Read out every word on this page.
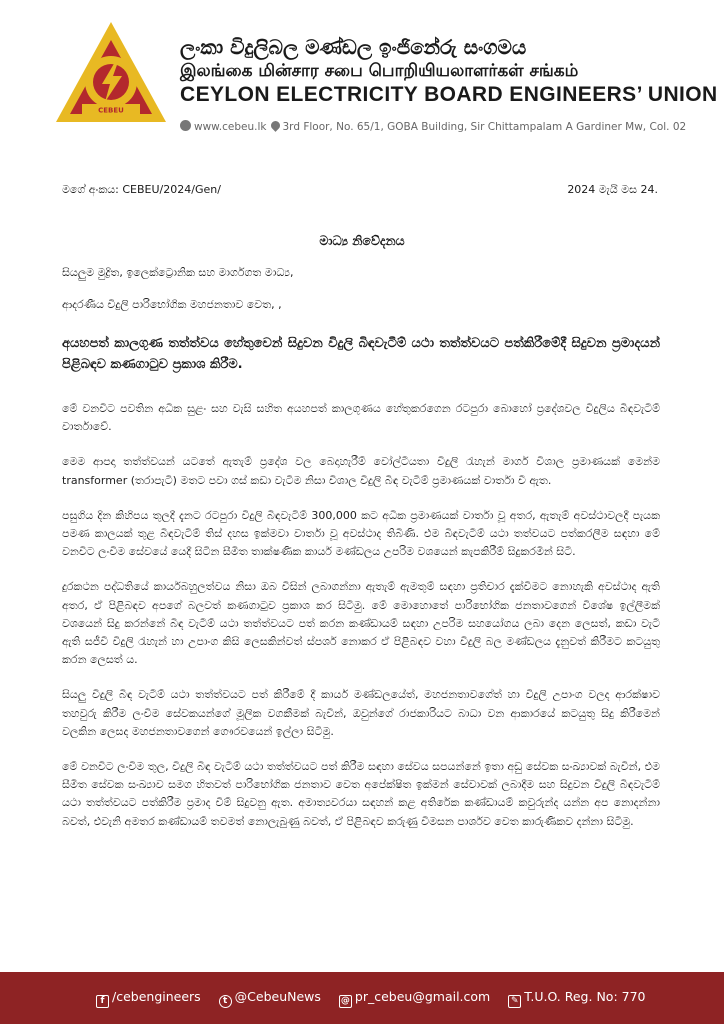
CEBEU
ලංකා විදුලිබල මණ්ඩල ඉංජිනේරු සංගමය
இலங்கை மின்சார சபை பொறியியலாளர்கள் சங்கம்
CEYLON ELECTRICITY BOARD ENGINEERS’ UNION
www.cebeu.lk 3rd Floor, No. 65/1, GOBA Building, Sir Chittampalam A Gardiner Mw, Col. 02
මගේ අංකය: CEBEU/2024/Gen/	2024 මැයි මස 24.
මාධ්‍ය නිවේදනය
සියලුම මුද්‍රිත, ඉලෙක්ට්‍රොනික සහ මාර්ගගත මාධ්‍ය,
ආදරණීය විදුලි පාරිභෝගික මහජනතාව වෙත, ,
අයහපත් කාලගුණ තත්ත්වය හේතුවෙන් සිදුවන විදුලි බිඳවැටීම් යථා තත්ත්වයට පත්කිරීමේදී සිදුවන ප්‍රමාදයන් පිළිබඳව කණගාටුව ප්‍රකාශ කිරීම.

මේ වනවිට පවතින අධික සුළං සහ වැසි සහිත අයහපත් කාලගුණය හේතුකරගෙන රටපුරා බොහෝ ප්‍රදේශවල විදුලිය බිඳවැටීම් වාර්තාවේ.

මෙම ආපදා තත්ත්වයන් යටතේ ඇතැම් ප්‍රදේශ වල බෙදාහැරීම් වෝල්ටීයතා විදුලි රැහැන් මාර්ග විශාල ප්‍රමාණයක් මෙන්ම transformer (තරාපැටි) මතට පවා ගස් කඩා වැටීම නිසා විශාල විදුලි බිඳ වැටීම් ප්‍රමාණයක් වාර්තා වී ඇත.

පසුගිය දින කිහිපය තුලදී දැනට රටපුරා විදුලි බිඳවැටීම් 300,000 කට අධික ප්‍රමාණයක් වාර්තා වූ අතර, ඇතැම් අවස්ථාවලදී පැයක පමණ කාලයක් තුළ බිඳවැටීම් තිස් දහස ඉක්මවා වාර්තා වූ අවස්ථාද තිබිණි. එම බිඳවැටීම් යථා තත්වයට පත්කරලීම සඳහා මේ වනවිට ලංවිම සේවයේ යෙදී සිටින සීමිත තාක්ෂණික කාර්ය මණ්ඩලය උපරිම වශයෙන් කැපකිරීම් සිදුකරමින් සිටී.

දුරකථන පද්ධතියේ කාර්යබහුලත්වය නිසා ඔබ විසින් ලබාගන්නා ඇතැම් ඇමතුම් සඳහා ප්‍රතිචාර දැක්වීමට නොහැකි අවස්ථාද ඇති අතර, ඒ පිළිබඳව අපගේ බලවත් කණගාටුව ප්‍රකාශ කර සිටිමු. මේ මොහොතේ පාරිභෝගික ජනතාවගෙන් විශේෂ ඉල්ලීමක් වශයෙන් සිදු කරන්නේ බිඳ වැටීම් යථා තත්ත්වයට පත් කරන කණ්ඩායම් සඳහා උපරිම සහයෝගය ලබා දෙන ලෙසත්, කඩා වැටී ඇති සජීවී විදුලි රැහැන් හා උපාංග කිසි ලෙසකින්වත් ස්පර්ශ නොකර ඒ පිළිබඳව වහා විදුලි බල මණ්ඩලය දැනුවත් කිරීමට කටයුතු කරන ලෙසත් ය.

සියලු විදුලි බිඳ වැටීම් යථා තත්ත්වයට පත් කිරීමේ දී කාර්ය මණ්ඩලයේත්, මහජනතාවගේත් හා විදුලි උපාංග වලද ආරක්ෂාව තහවුරු කිරීම ලංවිම සේවකයන්ගේ මූලික වගකීමක් බැවින්, ඔවුන්ගේ රාජකාරියට බාධා වන ආකාරයේ කටයුතු සිදු කිරීමෙන් වලකින ලෙසද මහජනතාවගෙන් ගෞරවයෙන් ඉල්ලා සිටිමු.

මේ වනවිට ලංවිම තුල, විදුලි බිඳ වැටීම් යථා තත්ත්වයට පත් කිරීම සඳහා සේවය සපයන්නේ ඉතා අඩු සේවක සංඛ්‍යාවක් බැවින්, එම සීමිත සේවක සංඛ්‍යාව සමග හිතවත් පාරිභෝගික ජනතාව වෙත අපේක්ෂිත ඉක්මන් සේවාවක් ලබාදීම සහ සිදුවන විදුලි බිඳවැටීම් යථා තත්ත්වයට පත්කිරීම ප්‍රමාද වීම් සිදුවනු ඇත. අමාත්‍යවරයා සඳහන් කළ අතිරේක කණ්ඩායම් කවුරුන්ද යන්න අප නොදන්නා බවත්, එවැනි අමතර කණ්ඩායම් තවමත් නොලැබුණු බවත්, ඒ පිළිබඳව කරුණු විමසන පාර්ශව වෙත කාරුණිකව දන්නා සිටිමු.

f /cebengineers t @CebeuNews @ pr_cebeu@gmail.com ✎ T.U.O. Reg. No: 770
